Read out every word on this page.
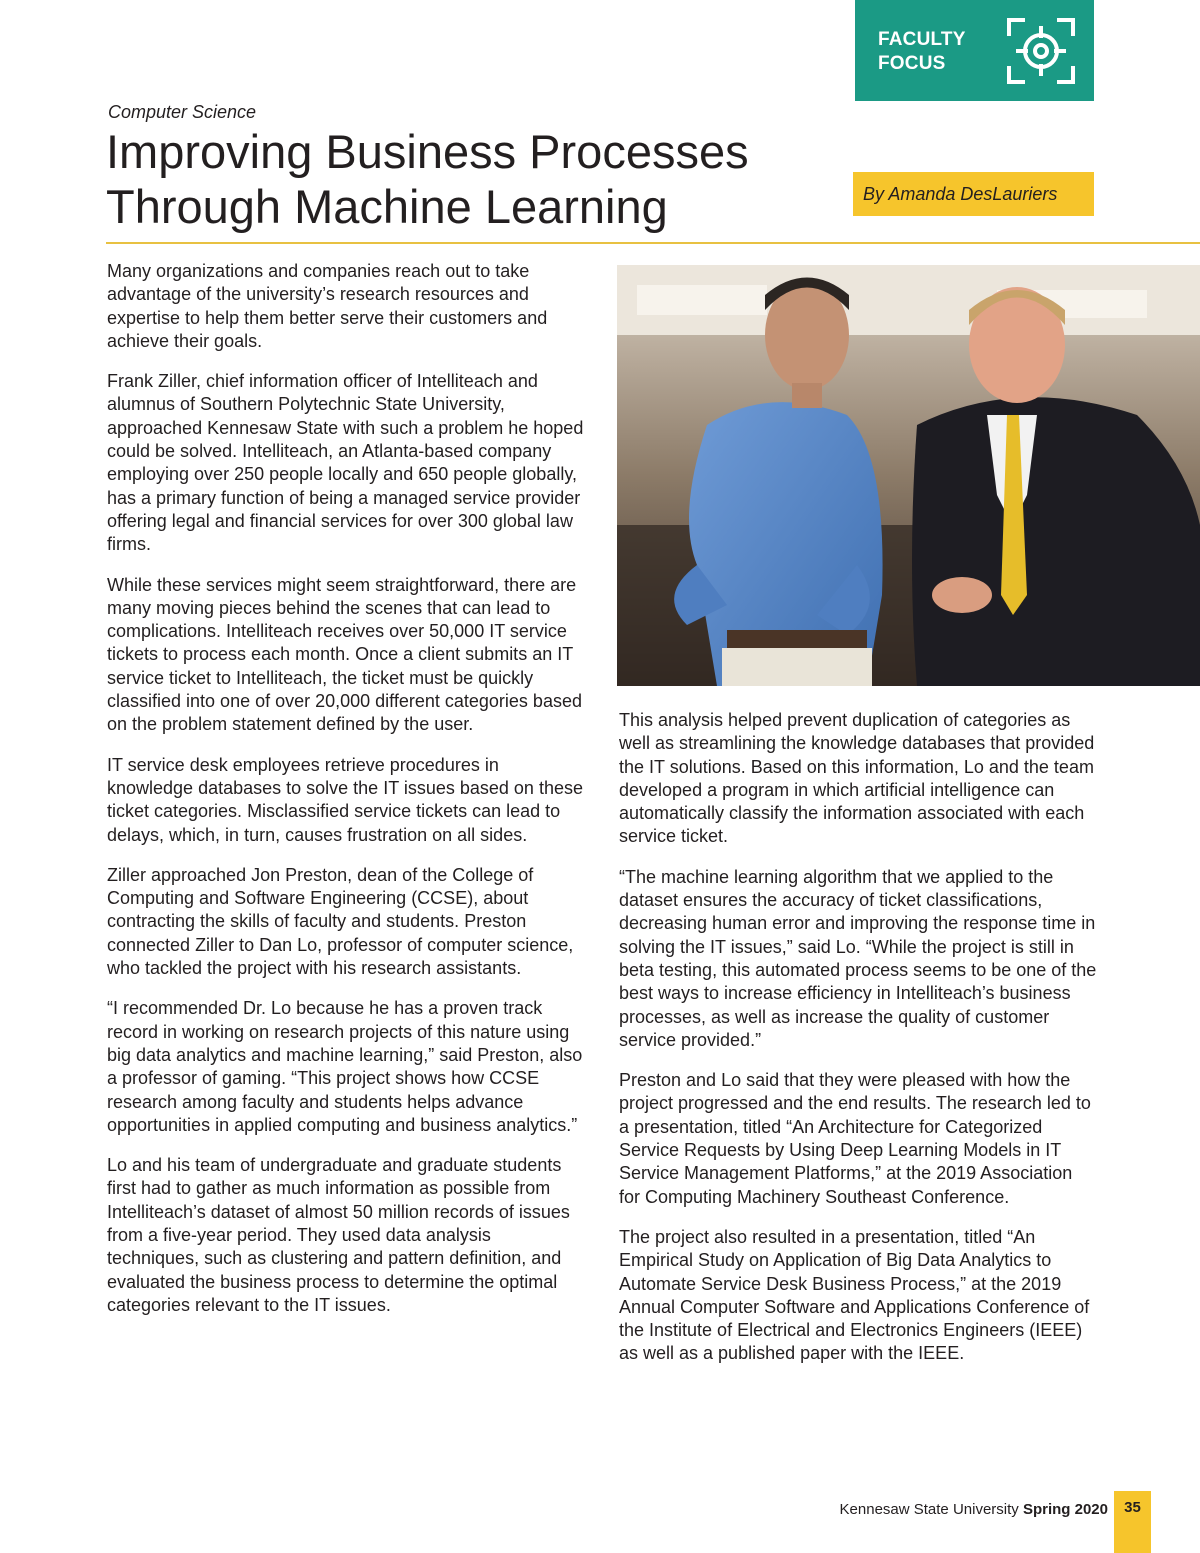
FACULTY
FOCUS
Computer Science
Improving Business Processes
Through Machine Learning	By Amanda DesLauriers

Many organizations and companies reach out to take advantage of the university’s research resources and expertise to help them better serve their customers and achieve their goals.

Frank Ziller, chief information officer of Intelliteach and alumnus of Southern Polytechnic State University, approached Kennesaw State with such a problem he hoped could be solved. Intelliteach, an Atlanta-based company employing over 250 people locally and 650 people globally, has a primary function of being a managed service provider offering legal and financial services for over 300 global law firms.

While these services might seem straightforward, there are many moving pieces behind the scenes that can lead to complications. Intelliteach receives over 50,000 IT service tickets to process each month. Once a client submits an IT service ticket to Intelliteach, the ticket must be quickly classified into one of over 20,000 different categories based on the problem statement defined by the user.

IT service desk employees retrieve procedures in knowledge databases to solve the IT issues based on these ticket categories. Misclassified service tickets can lead to delays, which, in turn, causes frustration on all sides.

Ziller approached Jon Preston, dean of the College of Computing and Software Engineering (CCSE), about contracting the skills of faculty and students. Preston connected Ziller to Dan Lo, professor of computer science, who tackled the project with his research assistants.

“I recommended Dr. Lo because he has a proven track record in working on research projects of this nature using big data analytics and machine learning,” said Preston, also a professor of gaming. “This project shows how CCSE research among faculty and students helps advance opportunities in applied computing and business analytics.”

Lo and his team of undergraduate and graduate students first had to gather as much information as possible from Intelliteach’s dataset of almost 50 million records of issues from a five-year period. They used data analysis techniques, such as clustering and pattern definition, and evaluated the business process to determine the optimal categories relevant to the IT issues.

This analysis helped prevent duplication of categories as well as streamlining the knowledge databases that provided the IT solutions. Based on this information, Lo and the team developed a program in which artificial intelligence can automatically classify the information associated with each service ticket.

“The machine learning algorithm that we applied to the dataset ensures the accuracy of ticket classifications, decreasing human error and improving the response time in solving the IT issues,” said Lo. “While the project is still in beta testing, this automated process seems to be one of the best ways to increase efficiency in Intelliteach’s business processes, as well as increase the quality of customer service provided.”

Preston and Lo said that they were pleased with how the project progressed and the end results. The research led to a presentation, titled “An Architecture for Categorized Service Requests by Using Deep Learning Models in IT Service Management Platforms,” at the 2019 Association for Computing Machinery Southeast Conference.

The project also resulted in a presentation, titled “An Empirical Study on Application of Big Data Analytics to Automate Service Desk Business Process,” at the 2019 Annual Computer Software and Applications Conference of the Institute of Electrical and Electronics Engineers (IEEE) as well as a published paper with the IEEE.

Kennesaw State University Spring 2020	35
